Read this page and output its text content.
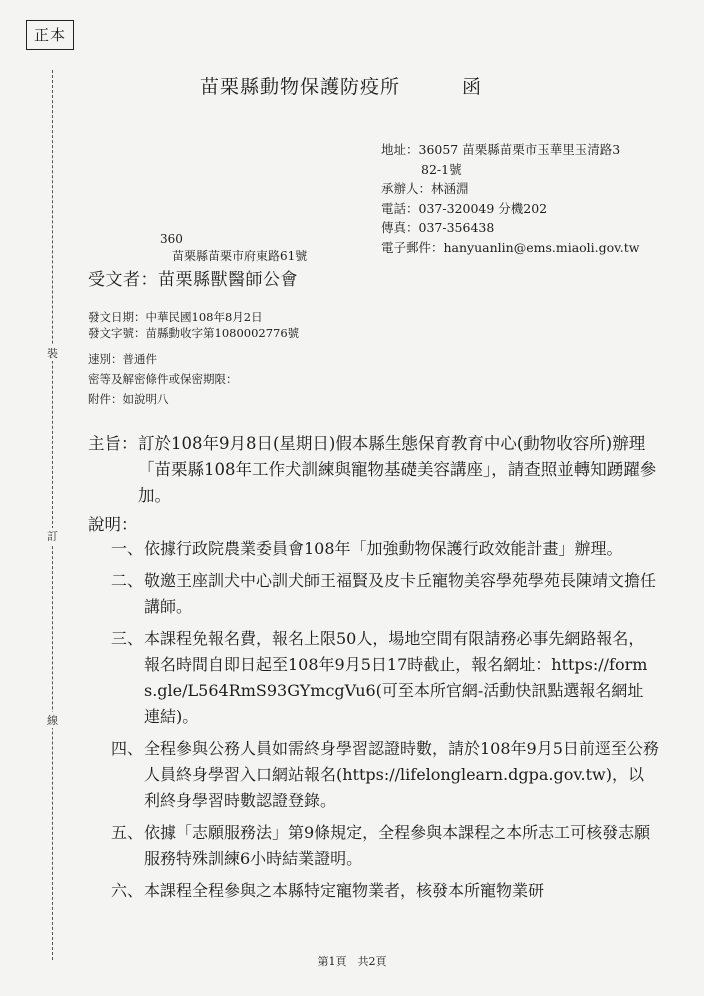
正本
裝
訂
線
苗栗縣動物保護防疫所	函
地址：36057 苗栗縣苗栗市玉華里玉清路3
82-1號
承辦人：林涵淵
電話：037-320049 分機202
傳真：037-356438
電子郵件：hanyuanlin@ems.miaoli.gov.tw
360
苗栗縣苗栗市府東路61號
受文者：苗栗縣獸醫師公會
發文日期：中華民國108年8月2日
發文字號：苗縣動收字第1080002776號
速別：普通件
密等及解密條件或保密期限：
附件：如說明八
主旨： 訂於108年9月8日(星期日)假本縣生態保育教育中心(動物收容所)辦理「苗栗縣108年工作犬訓練與寵物基礎美容講座」，請查照並轉知踴躍參加。
說明：
一、 依據行政院農業委員會108年「加強動物保護行政效能計畫」辦理。
二、 敬邀王座訓犬中心訓犬師王福賢及皮卡丘寵物美容學苑學苑長陳靖文擔任講師。
三、 本課程免報名費，報名上限50人，場地空間有限請務必事先網路報名，報名時間自即日起至108年9月5日17時截止，報名網址：https://forms.gle/L564RmS93GYmcgVu6(可至本所官網-活動快訊點選報名網址連結)。
四、 全程參與公務人員如需終身學習認證時數，請於108年9月5日前逕至公務人員終身學習入口網站報名(https://lifelonglearn.dgpa.gov.tw)，以利終身學習時數認證登錄。
五、 依據「志願服務法」第9條規定，全程參與本課程之本所志工可核發志願服務特殊訓練6小時結業證明。
六、 本課程全程參與之本縣特定寵物業者，核發本所寵物業研
第1頁　共2頁
